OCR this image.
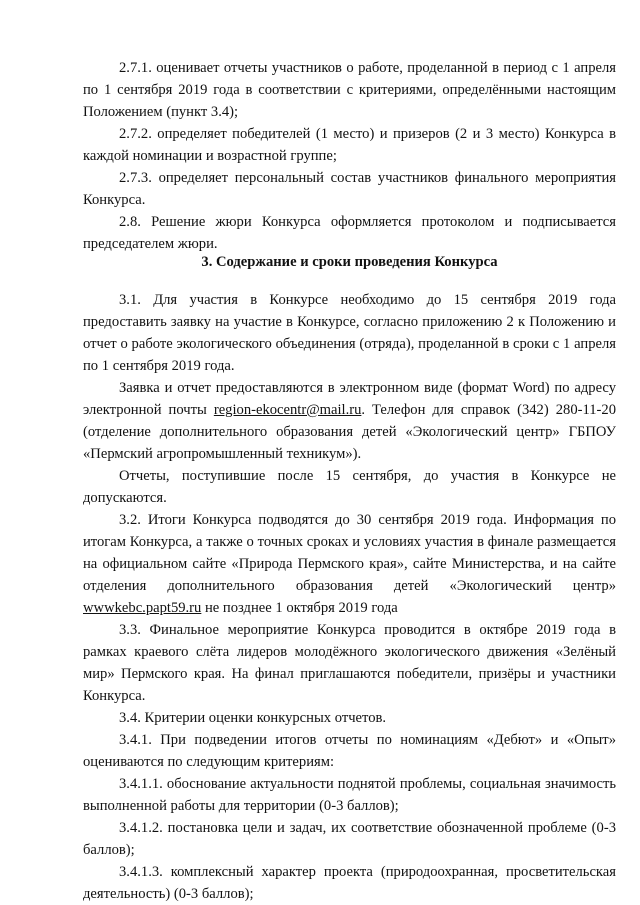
2.7.1. оценивает отчеты участников о работе, проделанной в период с 1 апреля по 1 сентября 2019 года в соответствии с критериями, определёнными настоящим Положением (пункт 3.4);

2.7.2. определяет победителей (1 место) и призеров (2 и 3 место) Конкурса в каждой номинации и возрастной группе;

2.7.3. определяет персональный состав участников финального мероприятия Конкурса.

2.8. Решение жюри Конкурса оформляется протоколом и подписывается председателем жюри.

3. Содержание и сроки проведения Конкурса

3.1. Для участия в Конкурсе необходимо до 15 сентября 2019 года предоставить заявку на участие в Конкурсе, согласно приложению 2 к Положению и отчет о работе экологического объединения (отряда), проделанной в сроки с 1 апреля по 1 сентября 2019 года.

Заявка и отчет предоставляются в электронном виде (формат Word) по адресу электронной почты region-ekocentr@mail.ru. Телефон для справок (342) 280-11-20 (отделение дополнительного образования детей «Экологический центр» ГБПОУ «Пермский агропромышленный техникум»).

Отчеты, поступившие после 15 сентября, до участия в Конкурсе не допускаются.

3.2. Итоги Конкурса подводятся до 30 сентября 2019 года. Информация по итогам Конкурса, а также о точных сроках и условиях участия в финале размещается на официальном сайте «Природа Пермского края», сайте Министерства, и на сайте отделения дополнительного образования детей «Экологический центр» wwwkebc.papt59.ru не позднее 1 октября 2019 года

3.3. Финальное мероприятие Конкурса проводится в октябре 2019 года в рамках краевого слёта лидеров молодёжного экологического движения «Зелёный мир» Пермского края. На финал приглашаются победители, призёры и участники Конкурса.

3.4. Критерии оценки конкурсных отчетов.

3.4.1. При подведении итогов отчеты по номинациям «Дебют» и «Опыт» оцениваются по следующим критериям:

3.4.1.1. обоснование актуальности поднятой проблемы, социальная значимость выполненной работы для территории (0-3 баллов);

3.4.1.2. постановка цели и задач, их соответствие обозначенной проблеме (0-3 баллов);

3.4.1.3. комплексный характер проекта (природоохранная, просветительская деятельность) (0-3 баллов);
